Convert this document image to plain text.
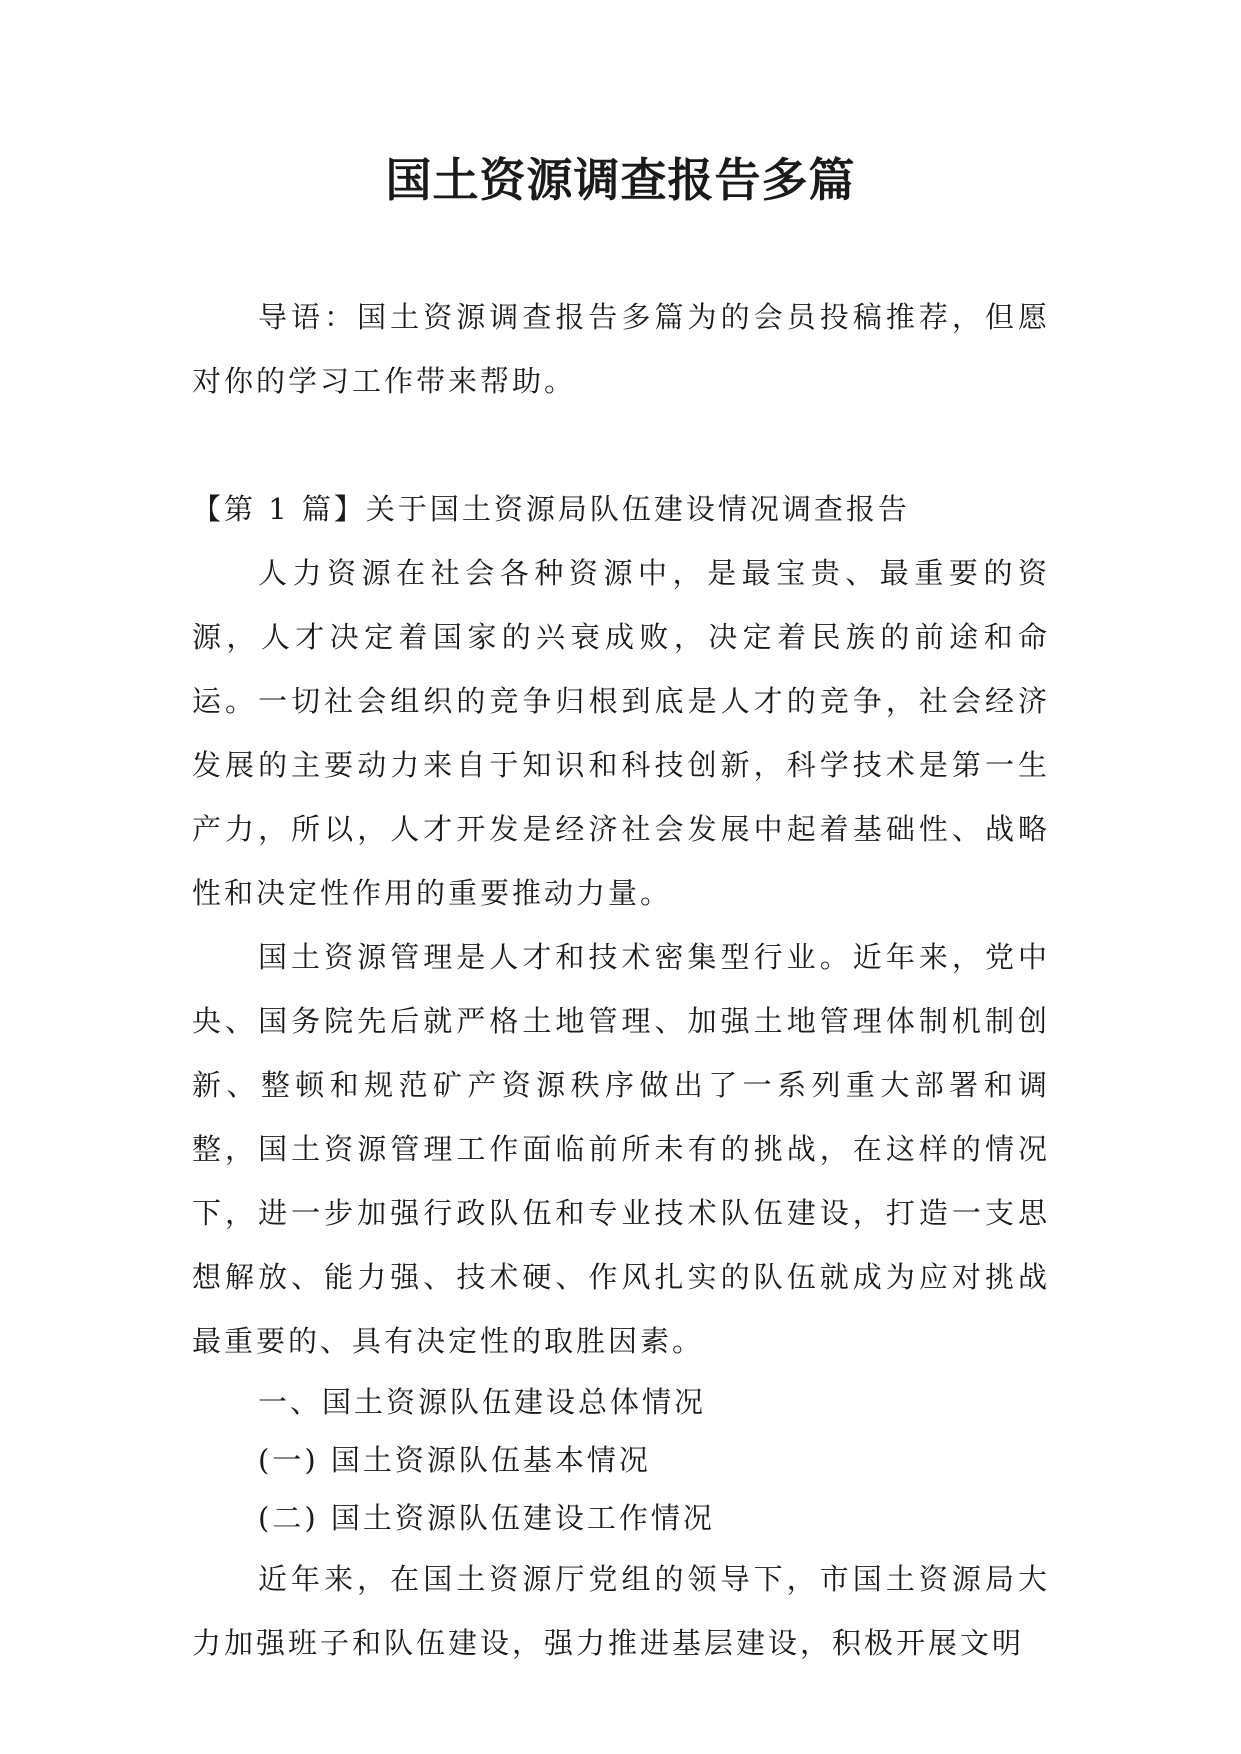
国土资源调查报告多篇

导语：国土资源调查报告多篇为的会员投稿推荐，但愿对你的学习工作带来帮助。

【第 1 篇】关于国土资源局队伍建设情况调查报告

人力资源在社会各种资源中，是最宝贵、最重要的资源，人才决定着国家的兴衰成败，决定着民族的前途和命运。一切社会组织的竞争归根到底是人才的竞争，社会经济发展的主要动力来自于知识和科技创新，科学技术是第一生产力，所以，人才开发是经济社会发展中起着基础性、战略性和决定性作用的重要推动力量。

国土资源管理是人才和技术密集型行业。近年来，党中央、国务院先后就严格土地管理、加强土地管理体制机制创新、整顿和规范矿产资源秩序做出了一系列重大部署和调整，国土资源管理工作面临前所未有的挑战，在这样的情况下，进一步加强行政队伍和专业技术队伍建设，打造一支思想解放、能力强、技术硬、作风扎实的队伍就成为应对挑战最重要的、具有决定性的取胜因素。

一、国土资源队伍建设总体情况

(一) 国土资源队伍基本情况

(二) 国土资源队伍建设工作情况

近年来，在国土资源厅党组的领导下，市国土资源局大力加强班子和队伍建设，强力推进基层建设，积极开展文明
